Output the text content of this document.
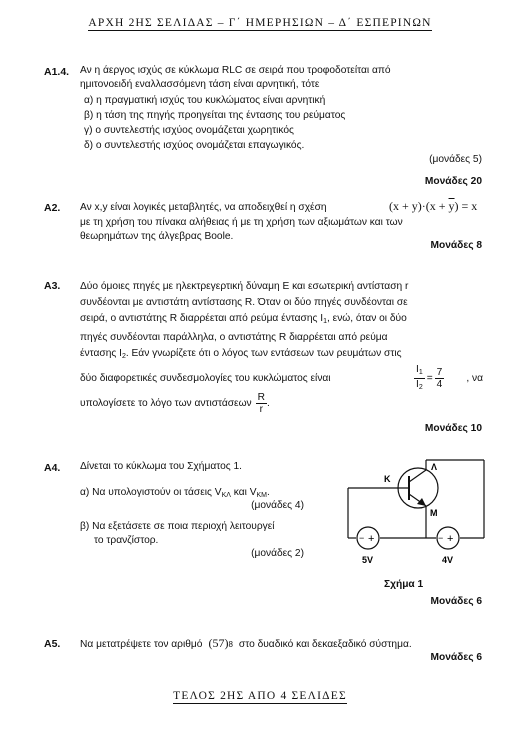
ΑΡΧΗ 2ΗΣ ΣΕΛΙΔΑΣ – Γ΄ ΗΜΕΡΗΣΙΩΝ – Δ΄ ΕΣΠΕΡΙΝΩΝ
Α1.4. Αν η άεργος ισχύς σε κύκλωμα RLC σε σειρά που τροφοδοτείται από
ημιτονοειδή εναλλασσόμενη τάση είναι αρνητική, τότε
α) η πραγματική ισχύς του κυκλώματος είναι αρνητική
β) η τάση της πηγής προηγείται της έντασης του ρεύματος
γ) ο συντελεστής ισχύος ονομάζεται χωρητικός
δ) ο συντελεστής ισχύος ονομάζεται επαγωγικός.
(μονάδες 5)
Μονάδες 20
Α2. Αν x,y είναι λογικές μεταβλητές, να αποδειχθεί η σχέση	$(x + y)\cdot(x + \overline{y}) = x$
με τη χρήση του πίνακα αλήθειας ή με τη χρήση των αξιωμάτων και των
θεωρημάτων της άλγεβρας Boole.
Μονάδες 8
Α3. Δύο όμοιες πηγές με ηλεκτρεγερτική δύναμη E και εσωτερική αντίσταση r
συνδέονται με αντιστάτη αντίστασης R. Όταν οι δύο πηγές συνδέονται σε
σειρά, ο αντιστάτης R διαρρέεται από ρεύμα έντασης $I_1$, ενώ, όταν οι δύο
πηγές συνδέονται παράλληλα, ο αντιστάτης R διαρρέεται από ρεύμα
έντασης $I_2$. Εάν γνωρίζετε ότι ο λόγος των εντάσεων των ρευμάτων στις
δύο διαφορετικές συνδεσμολογίες του κυκλώματος είναι	$\frac{I_1}{I_2} = \frac{7}{4}$ , να
υπολογίσετε το λόγο των αντιστάσεων $\frac{R}{r}$ .
Μονάδες 10
Α4. Δίνεται το κύκλωμα του Σχήματος 1.
α) Να υπολογιστούν οι τάσεις $V_{K\Lambda}$ και $V_{KM}$.
(μονάδες 4)
β) Να εξετάσετε σε ποια περιοχή λειτουργεί
το τρανζίστορ.
(μονάδες 2)
− +	− +
Λ
Κ
Μ
5V	4V
Σχήμα 1
Μονάδες 6
Α5. Να μετατρέψετε τον αριθμό (57) 8 στο δυαδικό και δεκαεξαδικό σύστημα.
Μονάδες 6
ΤΕΛΟΣ 2ΗΣ ΑΠΟ 4 ΣΕΛΙΔΕΣ
